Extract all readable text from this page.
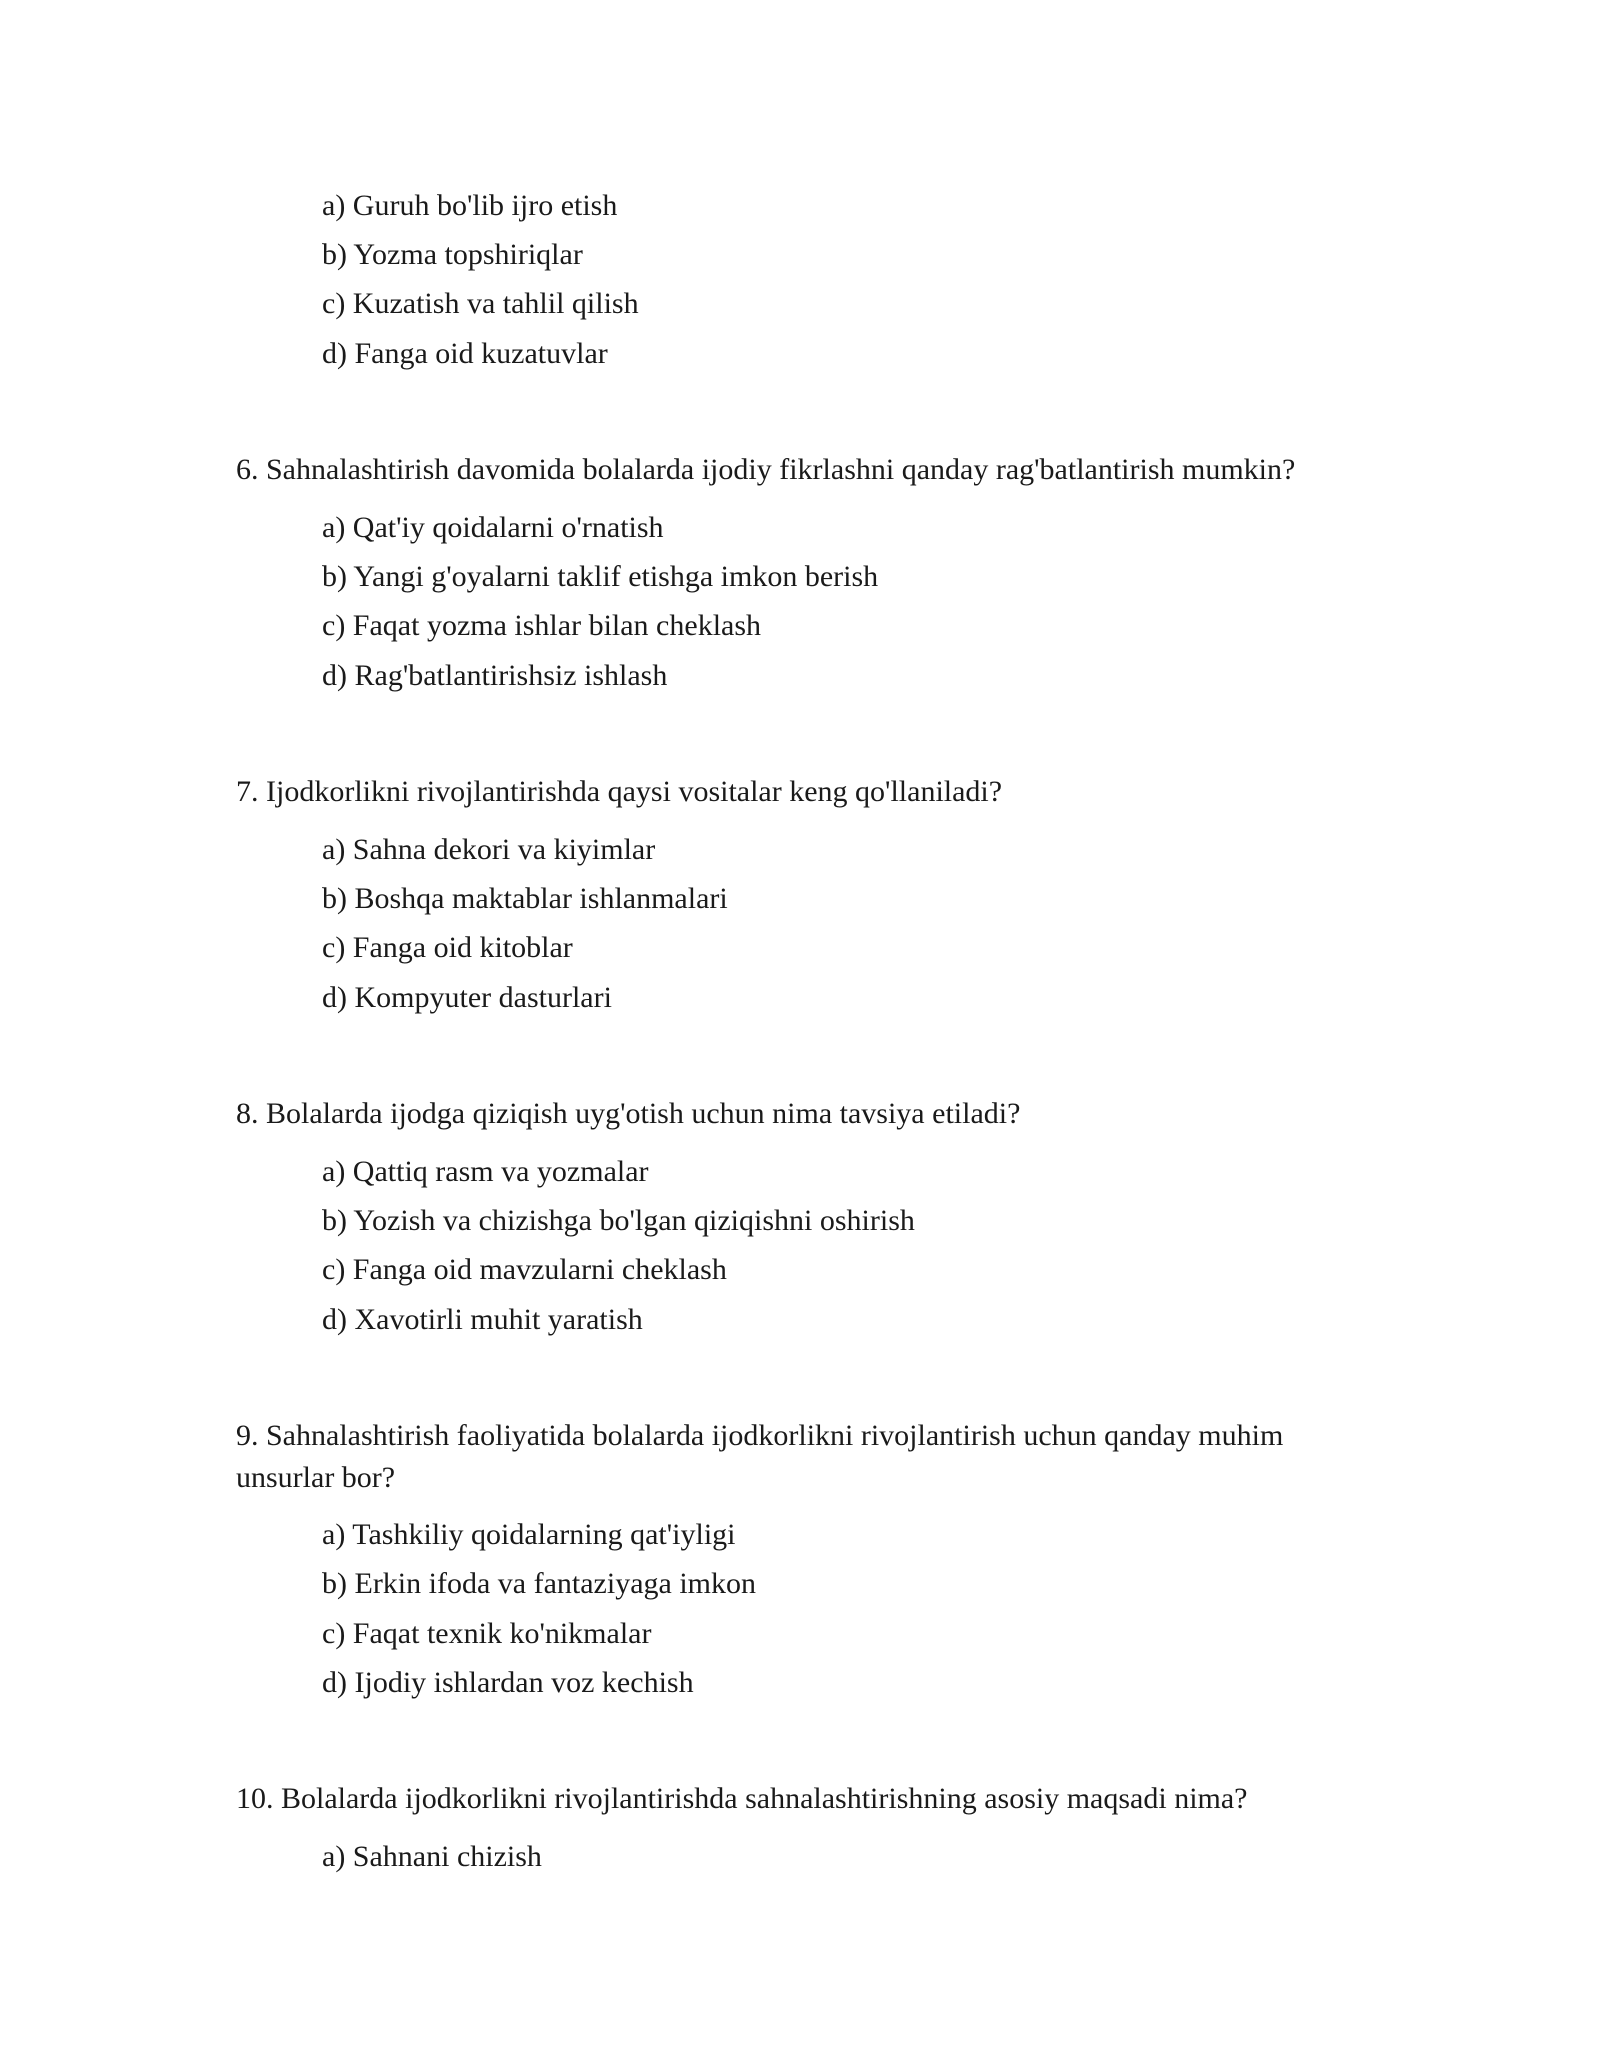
a) Guruh bo'lib ijro etish
b) Yozma topshiriqlar
c) Kuzatish va tahlil qilish
d) Fanga oid kuzatuvlar
6. Sahnalashtirish davomida bolalarda ijodiy fikrlashni qanday rag'batlantirish mumkin?
a) Qat'iy qoidalarni o'rnatish
b) Yangi g'oyalarni taklif etishga imkon berish
c) Faqat yozma ishlar bilan cheklash
d) Rag'batlantirishsiz ishlash
7. Ijodkorlikni rivojlantirishda qaysi vositalar keng qo'llaniladi?
a) Sahna dekori va kiyimlar
b) Boshqa maktablar ishlanmalari
c) Fanga oid kitoblar
d) Kompyuter dasturlari
8. Bolalarda ijodga qiziqish uyg'otish uchun nima tavsiya etiladi?
a) Qattiq rasm va yozmalar
b) Yozish va chizishga bo'lgan qiziqishni oshirish
c) Fanga oid mavzularni cheklash
d) Xavotirli muhit yaratish
9. Sahnalashtirish faoliyatida bolalarda ijodkorlikni rivojlantirish uchun qanday muhim
unsurlar bor?
a) Tashkiliy qoidalarning qat'iyligi
b) Erkin ifoda va fantaziyaga imkon
c) Faqat texnik ko'nikmalar
d) Ijodiy ishlardan voz kechish
10. Bolalarda ijodkorlikni rivojlantirishda sahnalashtirishning asosiy maqsadi nima?
a) Sahnani chizish
